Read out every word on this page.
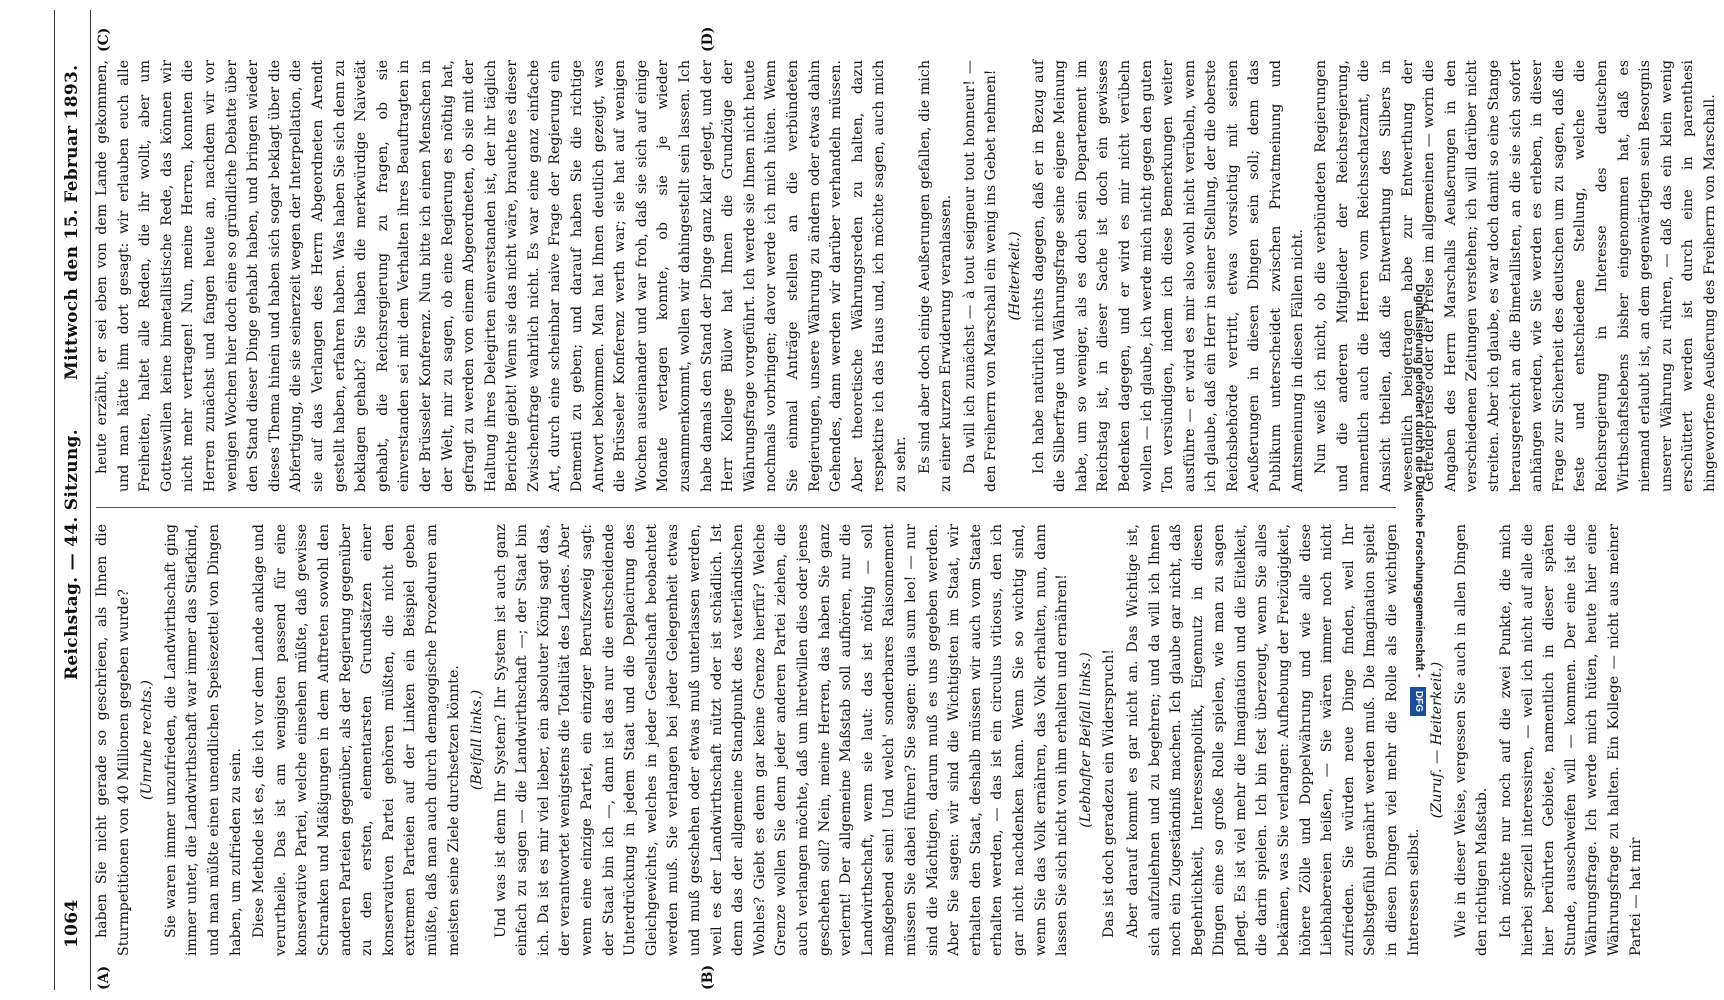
1064
Reichstag. — 44. Sitzung.
Mittwoch den 15. Februar 1893.
(A)	(B)
(C)	(D)

haben Sie nicht gerade so geschrieen, als Ihnen die Sturmpetitionen von 40 Millionen gegeben wurde? (Unruhe rechts.) Sie waren immer unzufrieden, die Landwirthschaft ging immer unter, die Landwirthschaft war immer das Stiefkind, und man müßte einen unendlichen Speisezettel von Dingen haben, um zufrieden zu sein. Diese Methode ist es, die ich vor dem Lande anklage und verurtheile. Das ist am wenigsten passend für eine konservative Partei, welche einsehen müßte, daß gewisse Schranken und Mäßigungen in dem Auftreten sowohl den anderen Parteien gegenüber, als der Regierung gegenüber zu den ersten, elementarsten Grundsätzen einer konservativen Partei gehören müßten, die nicht den extremen Parteien auf der Linken ein Beispiel geben müßte, daß man auch durch demagogische Prozeduren am meisten seine Ziele durchsetzen könnte. (Beifall links.) Und was ist denn Ihr System? Ihr System ist auch ganz einfach zu sagen — die Landwirthschaft —; der Staat bin ich. Da ist es mir viel lieber, ein absoluter König sagt das, der verantwortet wenigstens die Totalität des Landes. Aber wenn eine einzige Partei, ein einziger Berufszweig sagt: der Staat bin ich —, dann ist das nur die entscheidende Unterdrückung in jedem Staat und die Deplacirung des Gleichgewichts, welches in jeder Gesellschaft beobachtet werden muß. Sie verlangen bei jeder Gelegenheit etwas und muß geschehen oder etwas muß unterlassen werden, weil es der Landwirthschaft nützt oder ist schädlich. Ist denn das der allgemeine Standpunkt des vaterländischen Wohles? Giebt es denn gar keine Grenze hierfür? Welche Grenze wollen Sie denn jeder anderen Partei ziehen, die auch verlangen möchte, daß um ihretwillen dies oder jenes geschehen soll? Nein, meine Herren, das haben Sie ganz verlernt! Der allgemeine Maßstab soll aufhören, nur die Landwirthschaft, wenn sie laut: das ist nöthig — soll maßgebend sein! Und welch' sonderbares Raisonnement müssen Sie dabei führen? Sie sagen: quia sum leo! — nur sind die Mächtigen, darum muß es uns gegeben werden. Aber Sie sagen: wir sind die Wichtigsten im Staat, wir erhalten den Staat, deshalb müssen wir auch vom Staate erhalten werden, — das ist ein circulus vitiosus, den ich gar nicht nachdenken kann. Wenn Sie so wichtig sind, wenn Sie das Volk ernähren, das Volk erhalten, nun, dann lassen Sie sich nicht von ihm erhalten und ernähren! (Lebhafter Beifall links.) Das ist doch geradezu ein Widerspruch! Aber darauf kommt es gar nicht an. Das Wichtige ist, sich aufzulehnen und zu begehren; und da will ich Ihnen noch ein Zugeständniß machen. Ich glaube gar nicht, daß Begehrlichkeit, Interessenpolitik, Eigennutz in diesen Dingen eine so große Rolle spielen, wie man zu sagen pflegt. Es ist viel mehr die Imagination und die Eitelkeit, die darin spielen. Ich bin fest überzeugt, wenn Sie alles bekämen, was Sie verlangen: Aufhebung der Freizügigkeit, höhere Zölle und Doppelwährung und wie alle diese Liebhabereien heißen, — Sie wären immer noch nicht zufrieden. Sie würden neue Dinge finden, weil Ihr Selbstgefühl genährt werden muß. Die Imagination spielt in diesen Dingen viel mehr die Rolle als die wichtigen Interessen selbst.

(Zuruf. — Heiterkeit.) Wie in dieser Weise, vergessen Sie auch in allen Dingen den richtigen Maßstab. Ich möchte nur noch auf die zwei Punkte, die mich hierbei speziell interessiren, — weil ich nicht auf alle die hier berührten Gebiete, namentlich in dieser späten Stunde, ausschweifen will — kommen. Der eine ist die Währungsfrage. Ich werde mich hüten, heute hier eine Währungsfrage zu halten. Ein Kollege — nicht aus meiner Partei — hat mir

heute erzählt, er sei eben von dem Lande gekommen, und man hätte ihm dort gesagt: wir erlauben euch alle Freiheiten, haltet alle Reden, die ihr wollt, aber um Gotteswillen keine bimetallistische Rede, das können wir nicht mehr vertragen! Nun, meine Herren, konnten die Herren zunächst und fangen heute an, nachdem wir vor wenigen Wochen hier doch eine so gründliche Debatte über den Stand dieser Dinge gehabt haben, und bringen wieder dieses Thema hinein und haben sich sogar beklagt über die Abfertigung, die sie seinerzeit wegen der Interpellation, die sie auf das Verlangen des Herrn Abgeordneten Arendt gestellt haben, erfahren haben. Was haben Sie sich denn zu beklagen gehabt? Sie haben die merkwürdige Naivetät gehabt, die Reichsregierung zu fragen, ob sie einverstanden sei mit dem Verhalten ihres Beauftragten in der Brüsseler Konferenz. Nun bitte ich einen Menschen in der Welt, mir zu sagen, ob eine Regierung es nöthig hat, gefragt zu werden von einem Abgeordneten, ob sie mit der Haltung ihres Delegirten einverstanden ist, der ihr täglich Berichte giebt! Wenn sie das nicht wäre, brauchte es dieser Zwischenfrage wahrlich nicht. Es war eine ganz einfache Art, durch eine scheinbar naive Frage der Regierung ein Dementi zu geben; und darauf haben Sie die richtige Antwort bekommen. Man hat Ihnen deutlich gezeigt, was die Brüsseler Konferenz werth war; sie hat auf wenigen Wochen auseinander und war froh, daß sie sich auf einige Monate vertagen konnte, ob sie je wieder zusammenkommt, wollen wir dahingestellt sein lassen. Ich habe damals den Stand der Dinge ganz klar gelegt, und der Herr Kollege Bülow hat Ihnen die Grundzüge der Währungsfrage vorgeführt. Ich werde sie Ihnen nicht heute nochmals vorbringen; davor werde ich mich hüten. Wenn Sie einmal Anträge stellen an die verbündeten Regierungen, unsere Währung zu ändern oder etwas dahin Gehendes, dann werden wir darüber verhandeln müssen. Aber theoretische Währungsreden zu halten, dazu respektire ich das Haus und, ich möchte sagen, auch mich zu sehr. Es sind aber doch einige Aeußerungen gefallen, die mich zu einer kurzen Erwiderung veranlassen. Da will ich zunächst — à tout seigneur tout honneur! — den Freiherrn von Marschall ein wenig ins Gebet nehmen! (Heiterkeit.) Ich habe natürlich nichts dagegen, daß er in Bezug auf die Silberfrage und Währungsfrage seine eigene Meinung habe, um so weniger, als es doch sein Departement im Reichstag ist, in dieser Sache ist doch ein gewisses Bedenken dagegen, und er wird es mir nicht verübeln wollen — ich glaube, ich werde mich nicht gegen den guten Ton versündigen, indem ich diese Bemerkungen weiter ausführe — er wird es mir also wohl nicht verübeln, wenn ich glaube, daß ein Herr in seiner Stellung, der die oberste Reichsbehörde vertritt, etwas vorsichtig mit seinen Aeußerungen in diesen Dingen sein soll; denn das Publikum unterscheidet zwischen Privatmeinung und Amtsmeinung in diesen Fällen nicht. Nun weiß ich nicht, ob die verbündeten Regierungen und die anderen Mitglieder der Reichsregierung, namentlich auch die Herren vom Reichsschatzamt, die Ansicht theilen, daß die Entwerthung des Silbers in wesentlich beigetragen habe zur Entwerthung der Getreidepreise oder der Preise im allgemeinen — worin die Angaben des Herrn Marschalls Aeußerungen in den verschiedenen Zeitungen verstehen; ich will darüber nicht streiten. Aber ich glaube, es war doch damit so eine Stange herausgereicht an die Bimetallisten, an die sie sich sofort anhängen werden, wie Sie werden es erleben, in dieser Frage zur Sicherheit des deutschen um zu sagen, daß die feste und entschiedene Stellung, welche die Reichsregierung in Interesse des deutschen Wirthschaftslebens bisher eingenommen hat, daß es niemand erlaubt ist, an dem gegenwärtigen sein Besorgnis unserer Währung zu rühren, — daß das ein klein wenig erschüttert werden ist durch eine in parenthesi hingeworfene Aeußerung des Freiherrn von Marschall.

Digitalisierung gefördert durch die Deutsche Forschungsgemeinschaft - DFG
